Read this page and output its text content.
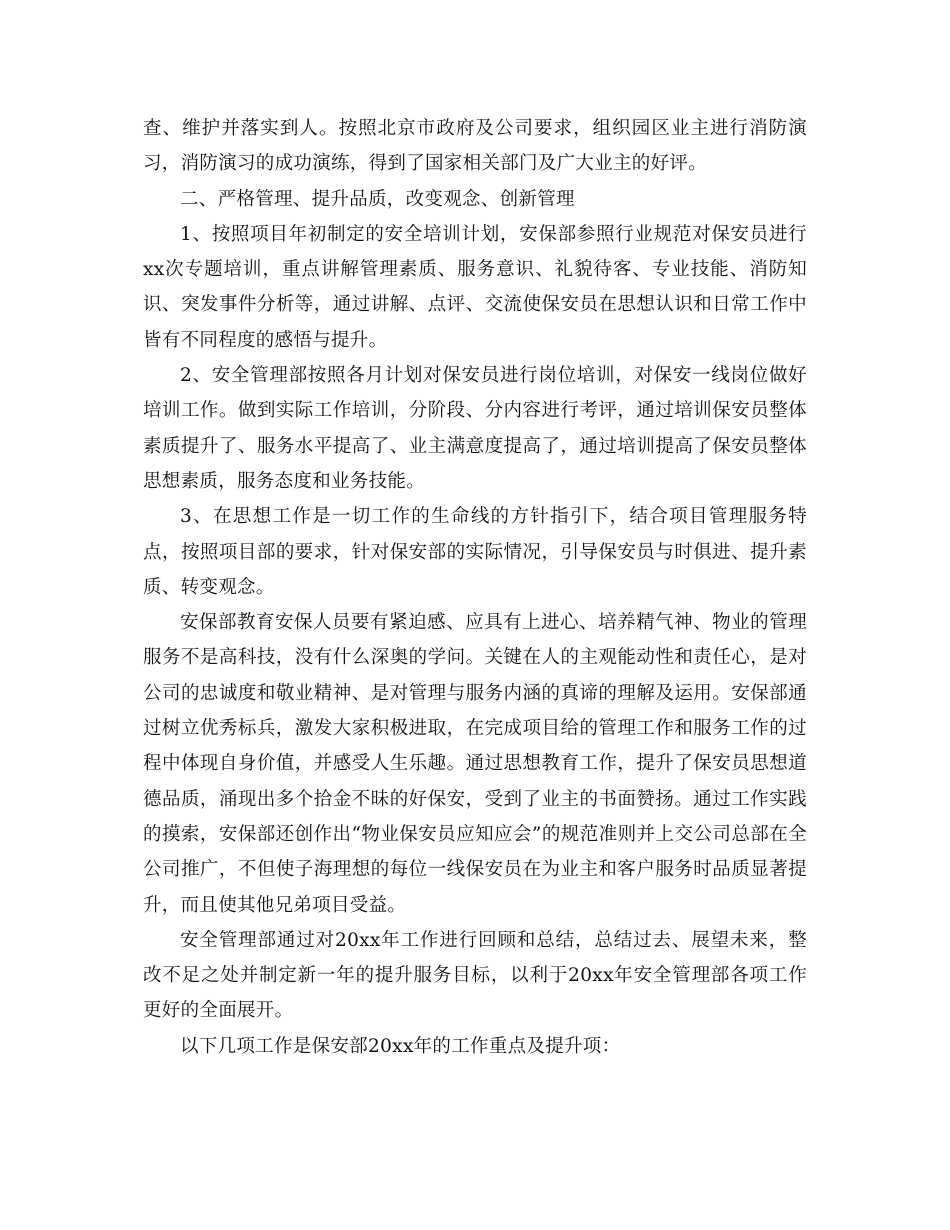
查、维护并落实到人。按照北京市政府及公司要求，组织园区业主进行消防演习，消防演习的成功演练，得到了国家相关部门及广大业主的好评。

二、严格管理、提升品质，改变观念、创新管理

1、按照项目年初制定的安全培训计划，安保部参照行业规范对保安员进行xx次专题培训，重点讲解管理素质、服务意识、礼貌待客、专业技能、消防知识、突发事件分析等，通过讲解、点评、交流使保安员在思想认识和日常工作中皆有不同程度的感悟与提升。

2、安全管理部按照各月计划对保安员进行岗位培训，对保安一线岗位做好培训工作。做到实际工作培训，分阶段、分内容进行考评，通过培训保安员整体素质提升了、服务水平提高了、业主满意度提高了，通过培训提高了保安员整体思想素质，服务态度和业务技能。

3、在思想工作是一切工作的生命线的方针指引下，结合项目管理服务特点，按照项目部的要求，针对保安部的实际情况，引导保安员与时俱进、提升素质、转变观念。

安保部教育安保人员要有紧迫感、应具有上进心、培养精气神、物业的管理服务不是高科技，没有什么深奥的学问。关键在人的主观能动性和责任心，是对公司的忠诚度和敬业精神、是对管理与服务内涵的真谛的理解及运用。安保部通过树立优秀标兵，激发大家积极进取，在完成项目给的管理工作和服务工作的过程中体现自身价值，并感受人生乐趣。通过思想教育工作，提升了保安员思想道德品质，涌现出多个拾金不昧的好保安，受到了业主的书面赞扬。通过工作实践的摸索，安保部还创作出“物业保安员应知应会”的规范准则并上交公司总部在全公司推广，不但使子海理想的每位一线保安员在为业主和客户服务时品质显著提升，而且使其他兄弟项目受益。

安全管理部通过对20xx年工作进行回顾和总结，总结过去、展望未来，整改不足之处并制定新一年的提升服务目标，以利于20xx年安全管理部各项工作更好的全面展开。

以下几项工作是保安部20xx年的工作重点及提升项：
